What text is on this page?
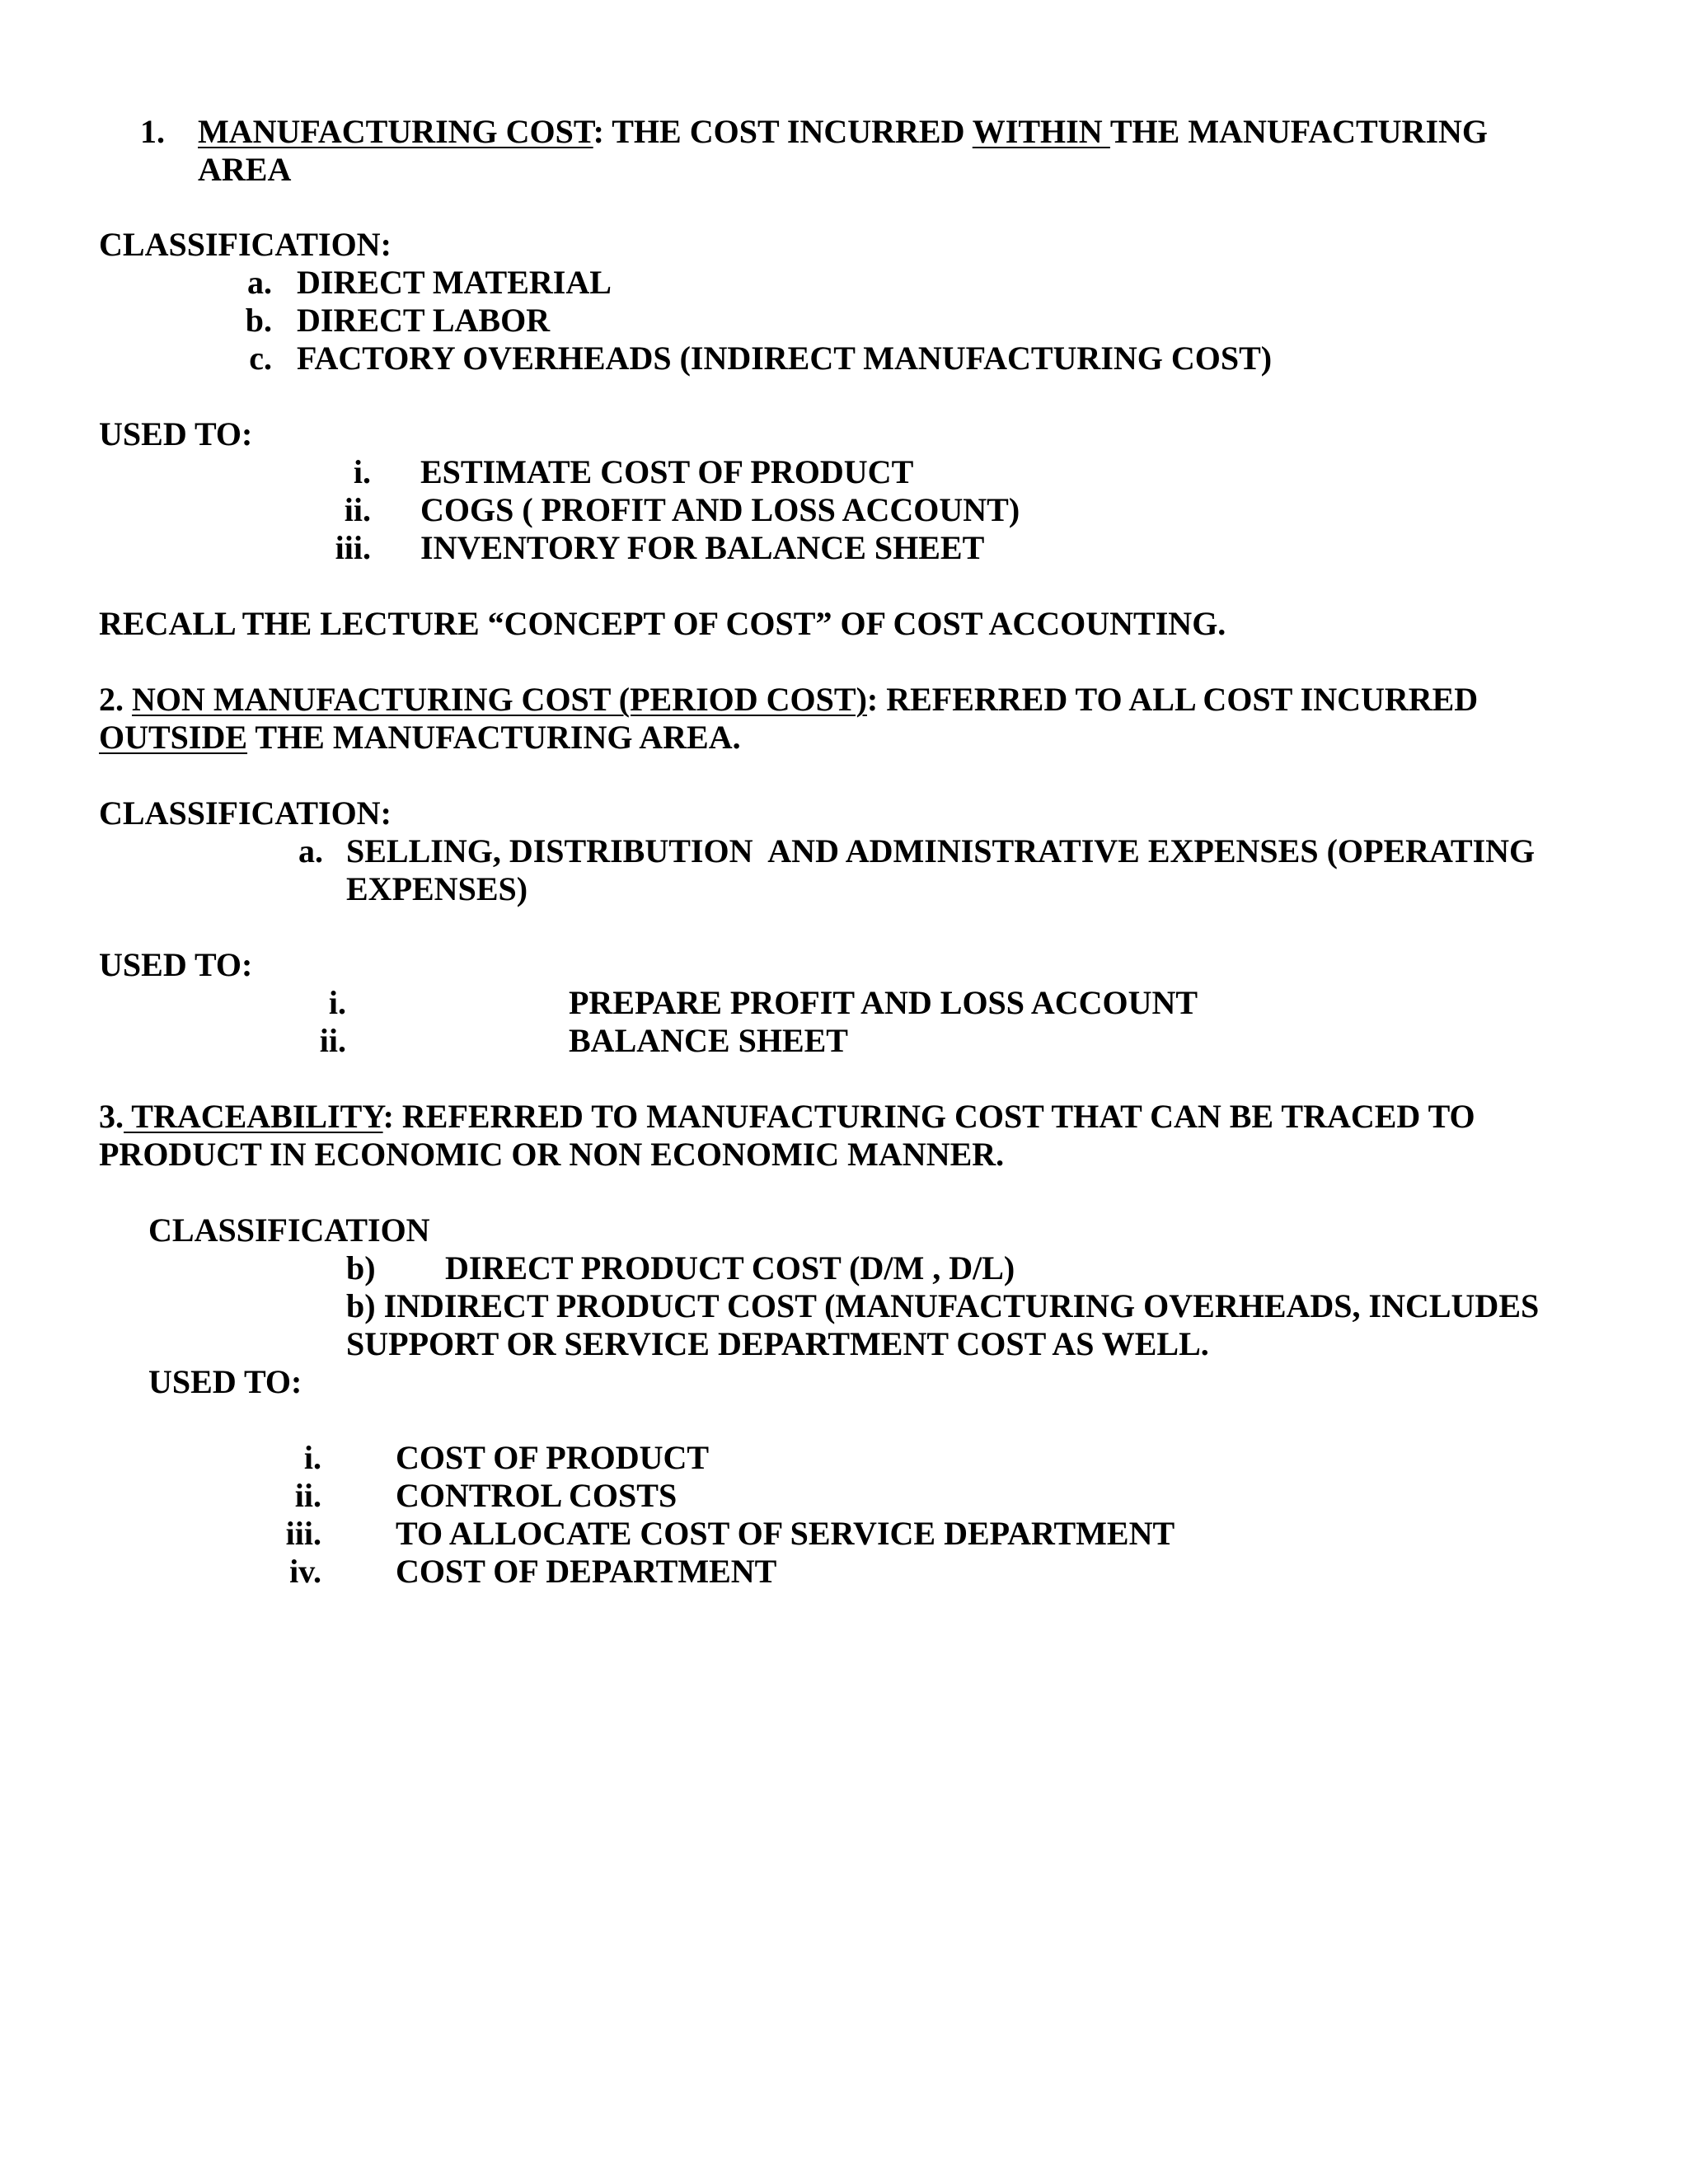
1.	MANUFACTURING COST: THE COST INCURRED WITHIN THE MANUFACTURING
AREA
CLASSIFICATION:
a. DIRECT MATERIAL
b. DIRECT LABOR
c. FACTORY OVERHEADS (INDIRECT MANUFACTURING COST)
USED TO:
i. ESTIMATE COST OF PRODUCT
ii. COGS ( PROFIT AND LOSS ACCOUNT)
iii. INVENTORY FOR BALANCE SHEET
RECALL THE LECTURE “CONCEPT OF COST” OF COST ACCOUNTING.
2. NON MANUFACTURING COST (PERIOD COST): REFERRED TO ALL COST INCURRED
OUTSIDE THE MANUFACTURING AREA.
CLASSIFICATION:
a. SELLING, DISTRIBUTION  AND ADMINISTRATIVE EXPENSES (OPERATING
EXPENSES)
USED TO:
i.	PREPARE PROFIT AND LOSS ACCOUNT
ii.	BALANCE SHEET
3. TRACEABILITY: REFERRED TO MANUFACTURING COST THAT CAN BE TRACED TO
PRODUCT IN ECONOMIC OR NON ECONOMIC MANNER.
CLASSIFICATION
b) DIRECT PRODUCT COST (D/M , D/L)
b) INDIRECT PRODUCT COST (MANUFACTURING OVERHEADS, INCLUDES
SUPPORT OR SERVICE DEPARTMENT COST AS WELL.
USED TO:
i. COST OF PRODUCT
ii. CONTROL COSTS
iii. TO ALLOCATE COST OF SERVICE DEPARTMENT
iv. COST OF DEPARTMENT
